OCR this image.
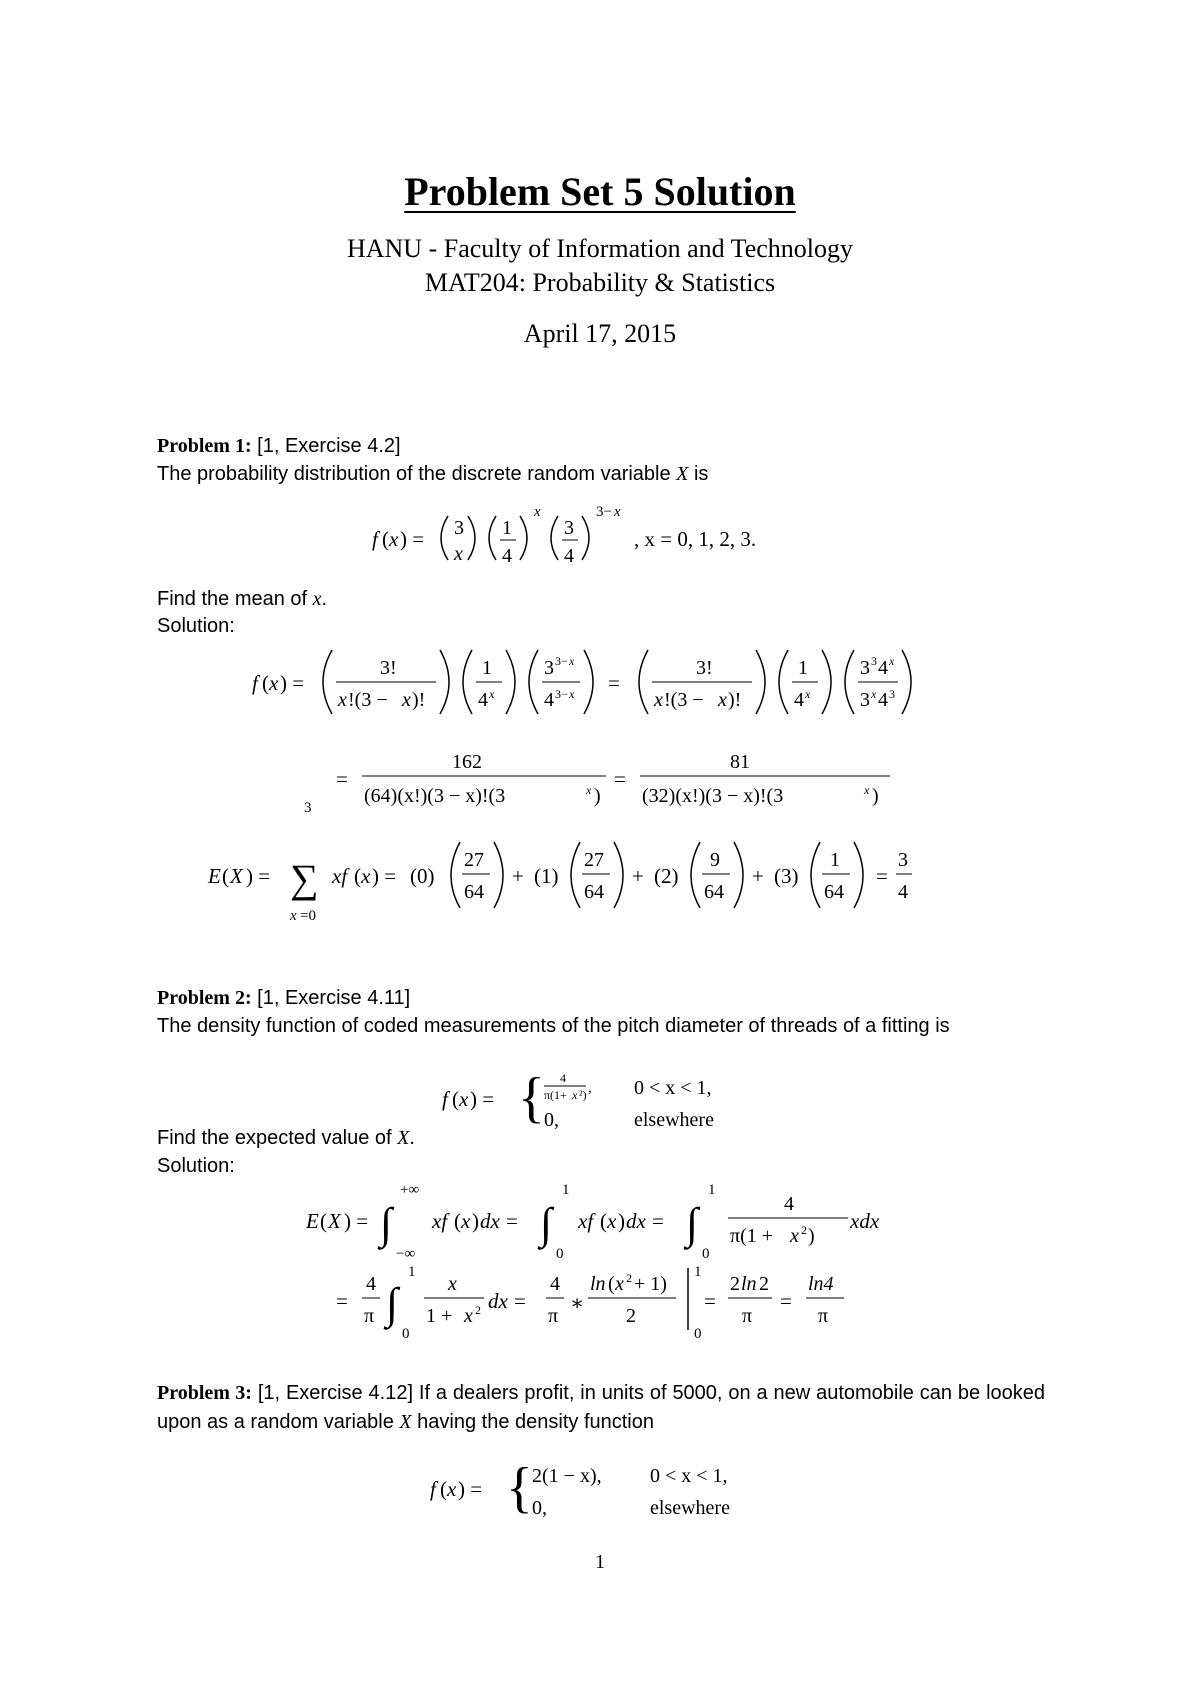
Problem Set 5 Solution
HANU - Faculty of Information and Technology
MAT204: Probability & Statistics
April 17, 2015
Problem 1: [1, Exercise 4.2]
The probability distribution of the discrete random variable X is
f ( x ) = 3
x
1
4
x
3
4
3− x
, x = 0, 1, 2, 3.
Find the mean of x.
Solution:
f ( x ) =
3!
x !(3 − x )!
1
4 x
3 3− x
4 3− x =
3!
x !(3 − x )!
1
4 x
3 3 4 x
3 x 4 3
=
162
(64)(x!)(3 − x)!(3	x )
=
81
(32)(x!)(3 − x)!(3	x )
E ( X ) =
3
∑
x =0
xf ( x ) = (0)
27
64
+ (1)
27
64
+ (2)
9
64
+ (3)
1
64
=
3
4
Problem 2: [1, Exercise 4.11]
The density function of coded measurements of the pitch diameter of threads of a fitting is
f ( x ) = { 4
π(1+ x ²) , 0 < x < 1,
0,	elsewhere
Find the expected value of X.
Solution:
E ( X ) = ∫
+∞
−∞
xf ( x ) dx = ∫
1
0
xf ( x ) dx = ∫
1
0
4
π(1 + x 2 )
xdx
=
4
π ∫
1
0
x
1 + x 2 dx =
4
π
∗
ln ( x 2 + 1)
2
1
0
=
2 ln 2
π
=
ln4
π
Problem 3: [1, Exercise 4.12] If a dealers profit, in units of 5000, on a new automobile can be looked upon as a random variable X having the density function
f ( x ) = { 2(1 − x), 0 < x < 1,
0,	elsewhere
1
